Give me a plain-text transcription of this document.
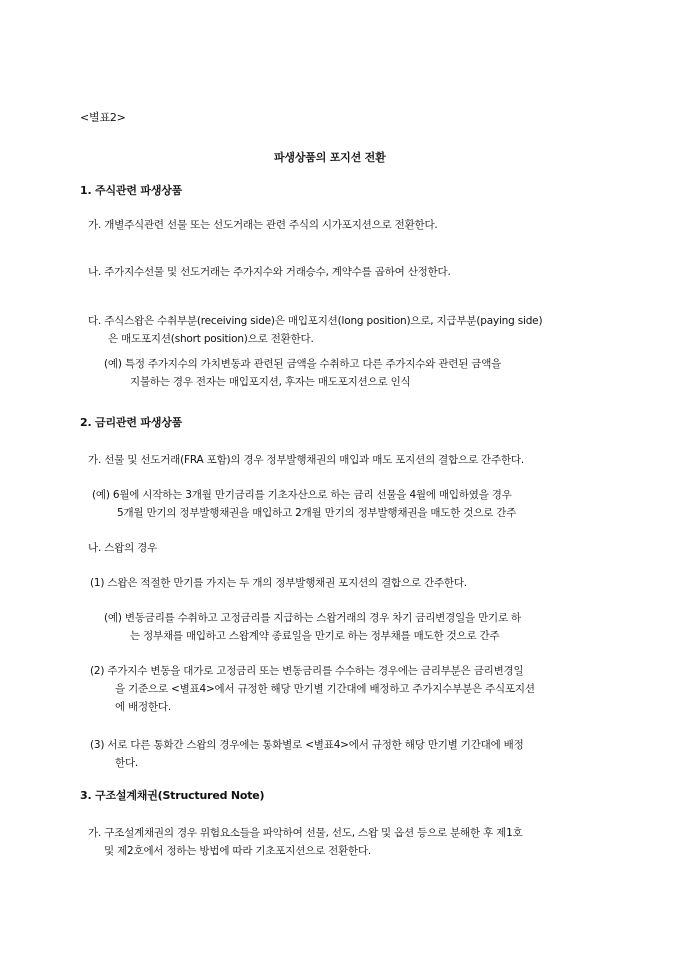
<별표2>
파생상품의 포지션 전환
1. 주식관련 파생상품
가. 개별주식관련 선물 또는 선도거래는 관련 주식의 시가포지션으로 전환한다.
나. 주가지수선물 및 선도거래는 주가지수와 거래승수, 계약수를 곱하여 산정한다.
다. 주식스왑은 수취부분(receiving side)은 매입포지션(long position)으로, 지급부분(paying side)
은 매도포지션(short position)으로 전환한다.
(예) 특정 주가지수의 가치변동과 관련된 금액을 수취하고 다른 주가지수와 관련된 금액을
지불하는 경우 전자는 매입포지션, 후자는 매도포지션으로 인식
2. 금리관련 파생상품
가. 선물 및 선도거래(FRA 포함)의 경우 정부발행채권의 매입과 매도 포지션의 결합으로 간주한다.
(예) 6월에 시작하는 3개월 만기금리를 기초자산으로 하는 금리 선물을 4월에 매입하였을 경우
5개월 만기의 정부발행채권을 매입하고 2개월 만기의 정부발행채권을 매도한 것으로 간주
나. 스왑의 경우
(1) 스왑은 적절한 만기를 가지는 두 개의 정부발행채권 포지션의 결합으로 간주한다.
(예) 변동금리를 수취하고 고정금리를 지급하는 스왑거래의 경우 차기 금리변경일을 만기로 하
는 정부채를 매입하고 스왑계약 종료일을 만기로 하는 정부채를 매도한 것으로 간주
(2) 주가지수 변동을 대가로 고정금리 또는 변동금리를 수수하는 경우에는 금리부분은 금리변경일
을 기준으로 <별표4>에서 규정한 해당 만기별 기간대에 배정하고 주가지수부분은 주식포지션
에 배정한다.
(3) 서로 다른 통화간 스왑의 경우에는 통화별로 <별표4>에서 규정한 해당 만기별 기간대에 배정
한다.
3. 구조설계채권(Structured Note)
가. 구조설계채권의 경우 위험요소들을 파악하여 선물, 선도, 스왑 및 옵션 등으로 분해한 후 제1호
및 제2호에서 정하는 방법에 따라 기초포지션으로 전환한다.
